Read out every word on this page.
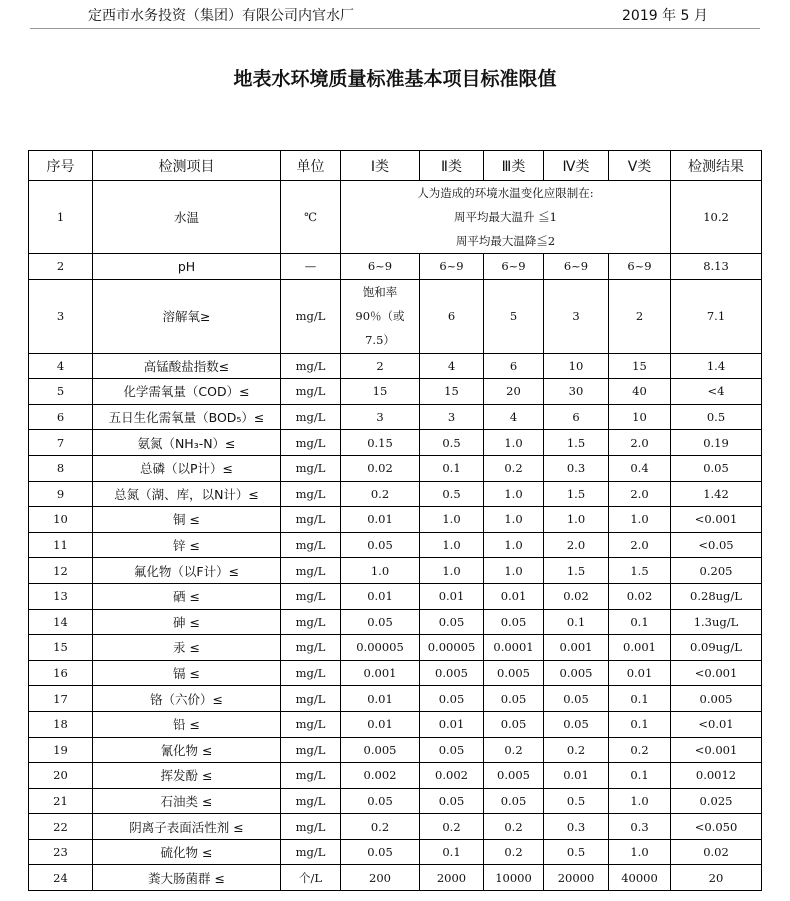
定西市水务投资（集团）有限公司内官水厂	2019 年 5 月
地表水环境质量标准基本项目标准限值
序号	检测项目	单位	Ⅰ类	Ⅱ类	Ⅲ类	Ⅳ类	Ⅴ类	检测结果
1	水温	℃	人为造成的环境水温变化应限制在:
周平均最大温升 ≦1
周平均最大温降≦2					10.2
2	pH	—	6~9	6~9	6~9	6~9	6~9	8.13
3	溶解氧≥	mg/L	饱和率
90％（或
7.5）	6	5	3	2	7.1
4	高锰酸盐指数≤	mg/L	2	4	6	10	15	1.4
5	化学需氧量（COD）≤	mg/L	15	15	20	30	40	<4
6	五日生化需氧量（BOD₅）≤	mg/L	3	3	4	6	10	0.5
7	氨氮（NH₃-N）≤	mg/L	0.15	0.5	1.0	1.5	2.0	0.19
8	总磷（以P计）≤	mg/L	0.02	0.1	0.2	0.3	0.4	0.05
9	总氮（湖、库，以N计）≤	mg/L	0.2	0.5	1.0	1.5	2.0	1.42
10	铜 ≤	mg/L	0.01	1.0	1.0	1.0	1.0	<0.001
11	锌 ≤	mg/L	0.05	1.0	1.0	2.0	2.0	<0.05
12	氟化物（以F计）≤	mg/L	1.0	1.0	1.0	1.5	1.5	0.205
13	硒 ≤	mg/L	0.01	0.01	0.01	0.02	0.02	0.28ug/L
14	砷 ≤	mg/L	0.05	0.05	0.05	0.1	0.1	1.3ug/L
15	汞 ≤	mg/L	0.00005	0.00005	0.0001	0.001	0.001	0.09ug/L
16	镉 ≤	mg/L	0.001	0.005	0.005	0.005	0.01	<0.001
17	铬（六价）≤	mg/L	0.01	0.05	0.05	0.05	0.1	0.005
18	铅 ≤	mg/L	0.01	0.01	0.05	0.05	0.1	<0.01
19	氰化物 ≤	mg/L	0.005	0.05	0.2	0.2	0.2	<0.001
20	挥发酚 ≤	mg/L	0.002	0.002	0.005	0.01	0.1	0.0012
21	石油类 ≤	mg/L	0.05	0.05	0.05	0.5	1.0	0.025
22	阴离子表面活性剂 ≤	mg/L	0.2	0.2	0.2	0.3	0.3	<0.050
23	硫化物 ≤	mg/L	0.05	0.1	0.2	0.5	1.0	0.02
24	粪大肠菌群 ≤	个/L	200	2000	10000	20000	40000	20
